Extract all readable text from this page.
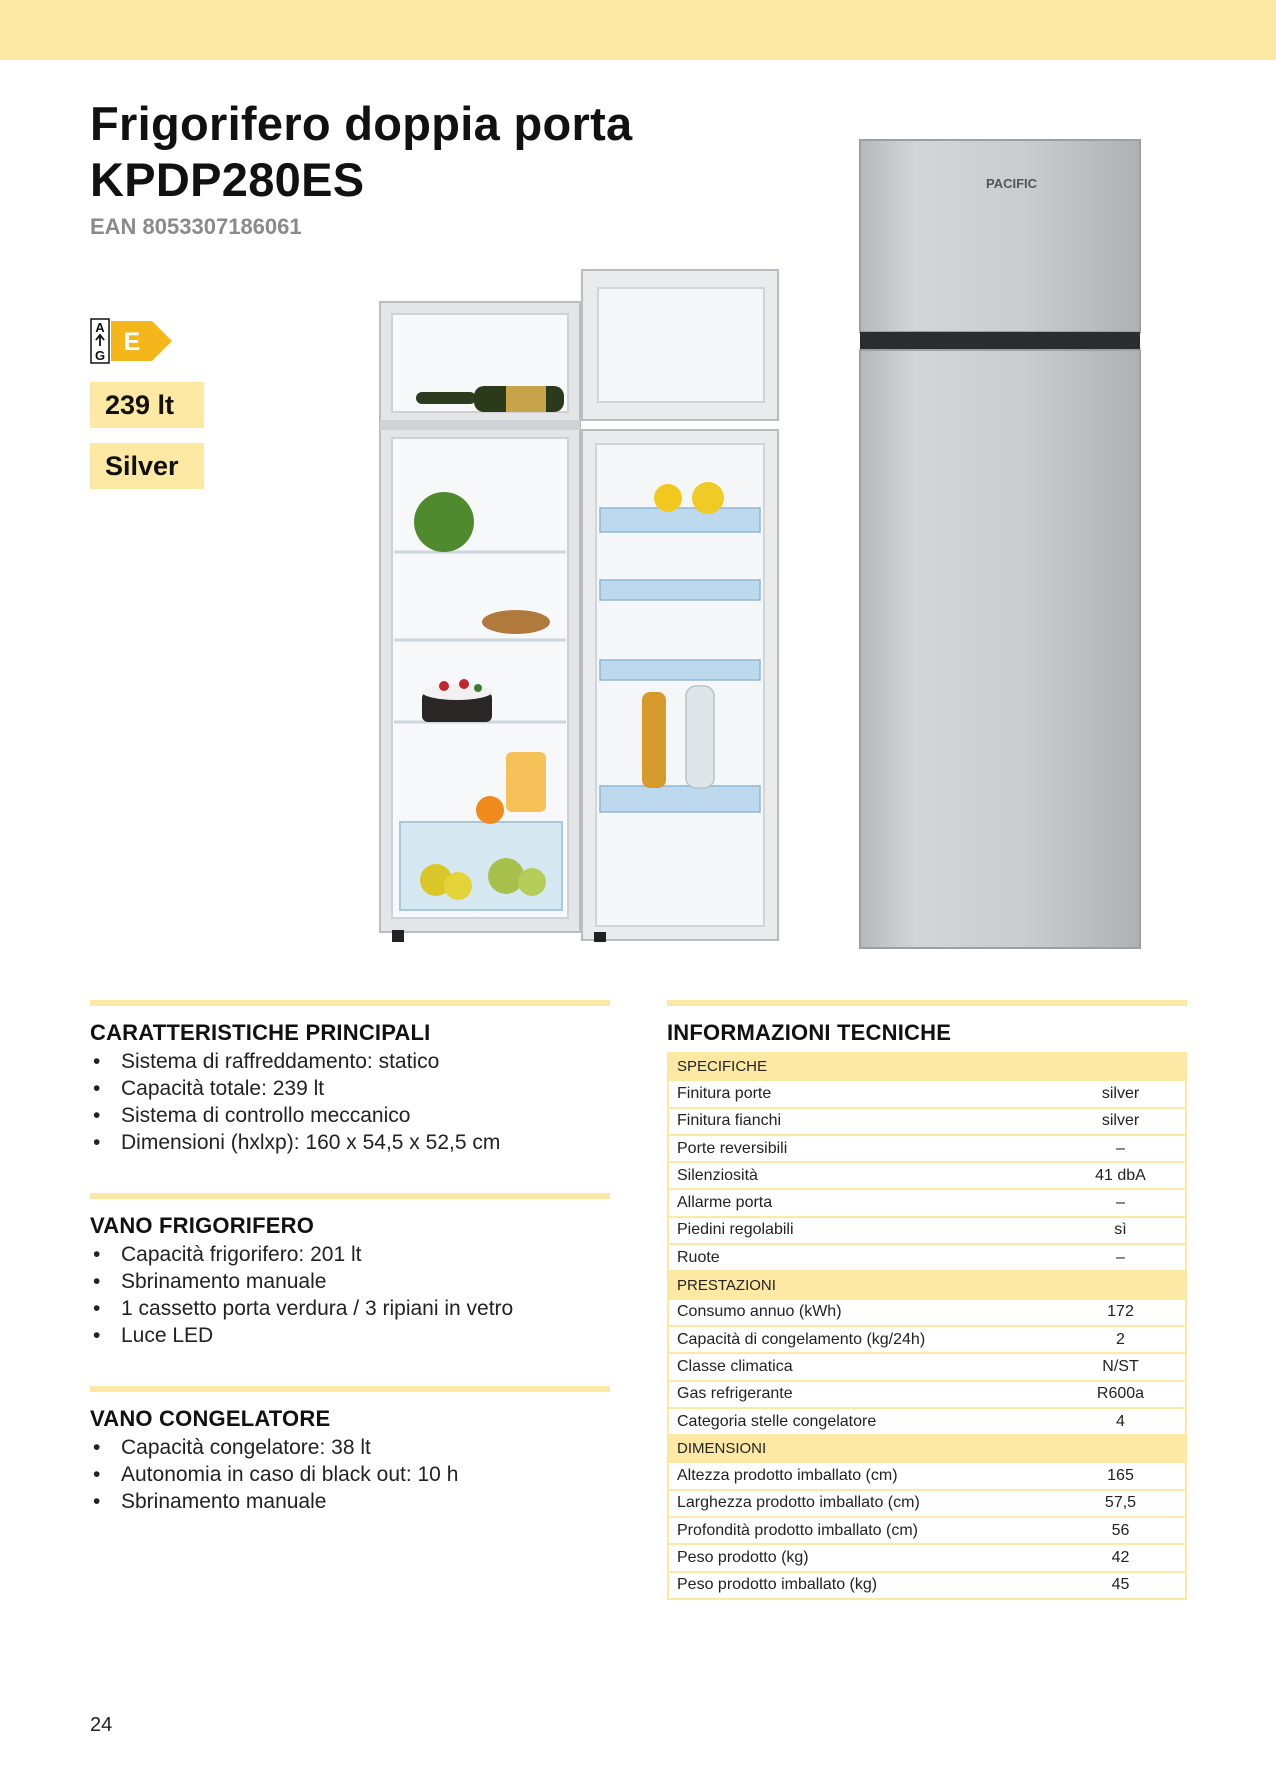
Frigorifero doppia porta
KPDP280ES
EAN 8053307186061
A
G E
239 lt
Silver
PACIFIC
CARATTERISTICHE PRINCIPALI
• Sistema di raffreddamento: statico
• Capacità totale: 239 lt
• Sistema di controllo meccanico
• Dimensioni (hxlxp): 160 x 54,5 x 52,5 cm
VANO FRIGORIFERO
• Capacità frigorifero: 201 lt
• Sbrinamento manuale
• 1 cassetto porta verdura / 3 ripiani in vetro
• Luce LED
VANO CONGELATORE
• Capacità congelatore: 38 lt
• Autonomia in caso di black out: 10 h
• Sbrinamento manuale
INFORMAZIONI TECNICHE
SPECIFICHE	
Finitura porte	silver
Finitura fianchi	silver
Porte reversibili	–
Silenziosità	41 dbA
Allarme porta	–
Piedini regolabili	sì
Ruote	–
PRESTAZIONI	
Consumo annuo (kWh)	172
Capacità di congelamento (kg/24h)	2
Classe climatica	N/ST
Gas refrigerante	R600a
Categoria stelle congelatore	4
DIMENSIONI	
Altezza prodotto imballato (cm)	165
Larghezza prodotto imballato (cm)	57,5
Profondità prodotto imballato (cm)	56
Peso prodotto (kg)	42
Peso prodotto imballato (kg)	45
24
